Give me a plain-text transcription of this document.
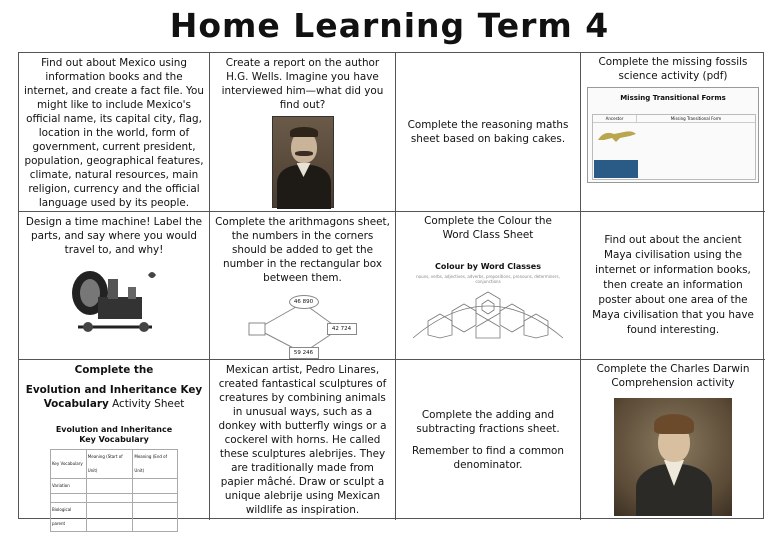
Home Learning Term 4
Find out about Mexico using information books and the internet, and create a fact file. You might like to include Mexico's official name, its capital city, flag, location in the world, form of government, current president, population, geographical features, climate, natural resources, main religion, currency and the official language used by its people.
Create a report on the author H.G. Wells. Imagine you have interviewed him—what did you find out?
Complete the reasoning maths sheet based on baking cakes.
Complete the missing fossils science activity (pdf)
Missing Transitional Forms
Ancestor	Missing Transitional Form
Design a time machine! Label the parts, and say where you would travel to, and why!
Complete the arithmagons sheet, the numbers in the corners should be added to get the number in the rectangular box between them.
46 890
42 724
59 246
Complete the Colour the Word Class Sheet
Colour by Word Classes
nouns, verbs, adjectives, adverbs, prepositions, pronouns, determiners, conjunctions
Find out about the ancient Maya civilisation using the internet or information books, then create an information poster about one area of the Maya civilisation that you have found interesting.
Complete the
Evolution and Inheritance Key Vocabulary Activity Sheet
Evolution and Inheritance
Key Vocabulary
Key Vocabulary	Meaning (Start of Unit)	Meaning (End of Unit)
Variation		

Biological parent		
Mexican artist, Pedro Linares, created fantastical sculptures of creatures by combining animals in unusual ways, such as a donkey with butterfly wings or a cockerel with horns. He called these sculptures alebrijes. They are traditionally made from papier mâché. Draw or sculpt a unique alebrije using Mexican wildlife as inspiration.
Complete the adding and subtracting fractions sheet.
Remember to find a common denominator.
Complete the Charles Darwin Comprehension activity
